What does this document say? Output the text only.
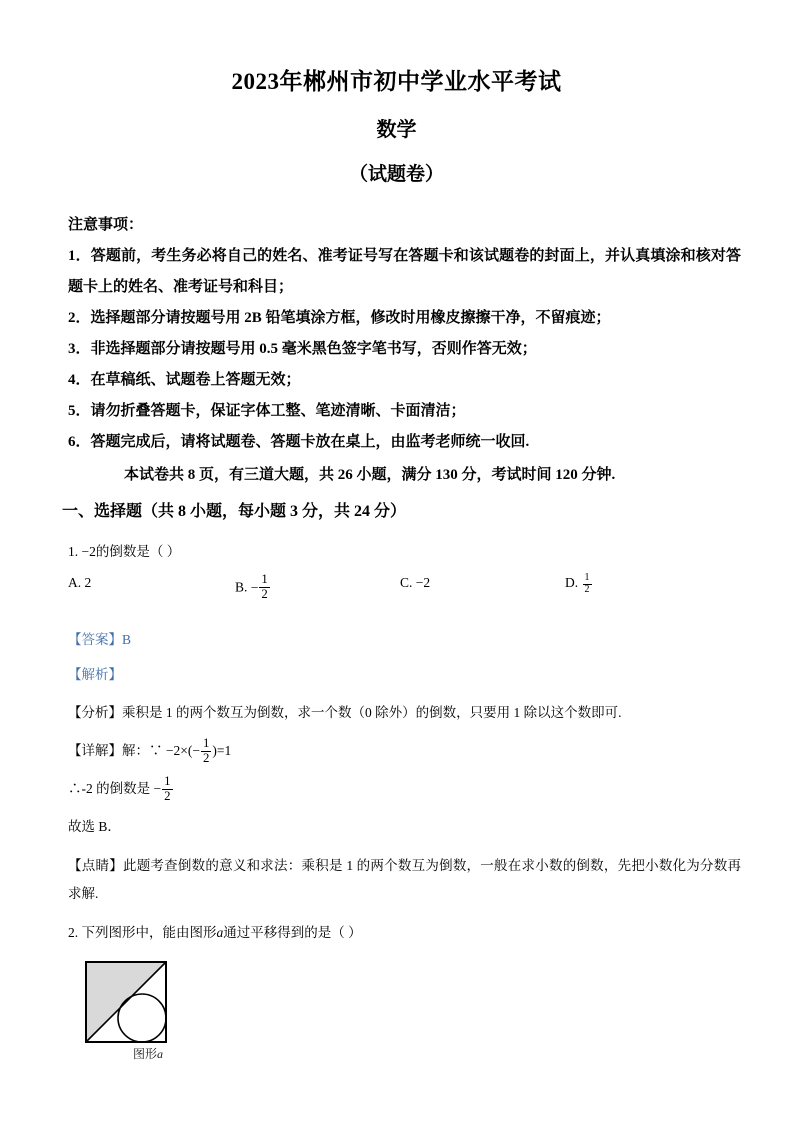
2023年郴州市初中学业水平考试
数学
（试题卷）

注意事项：

1．答题前，考生务必将自己的姓名、准考证号写在答题卡和该试题卷的封面上，并认真填涂和核对答题卡上的姓名、准考证号和科目；

2．选择题部分请按题号用 2B 铅笔填涂方框，修改时用橡皮擦擦干净，不留痕迹；

3．非选择题部分请按题号用 0.5 毫米黑色签字笔书写，否则作答无效；

4．在草稿纸、试题卷上答题无效；

5．请勿折叠答题卡，保证字体工整、笔迹清晰、卡面清洁；

6．答题完成后，请将试题卷、答题卡放在桌上，由监考老师统一收回.

本试卷共 8 页，有三道大题，共 26 小题，满分 130 分，考试时间 120 分钟.

一、选择题（共 8 小题，每小题 3 分，共 24 分）

1. −2的倒数是（ ）

A. 2	B. − $\frac{1}{2}$	C. −2	D. $\frac{1}{2}$

【答案】B

【解析】

【分析】乘积是 1 的两个数互为倒数，求一个数（0 除外）的倒数，只要用 1 除以这个数即可.

【详解】解：∵ $-2\times(- \frac{1}{2} )=1$

∴-2 的倒数是 − $\frac{1}{2}$

故选 B．

【点睛】此题考查倒数的意义和求法：乘积是 1 的两个数互为倒数，一般在求小数的倒数，先把小数化为分数再求解.

2. 下列图形中，能由图形a通过平移得到的是（ ）

图形a
